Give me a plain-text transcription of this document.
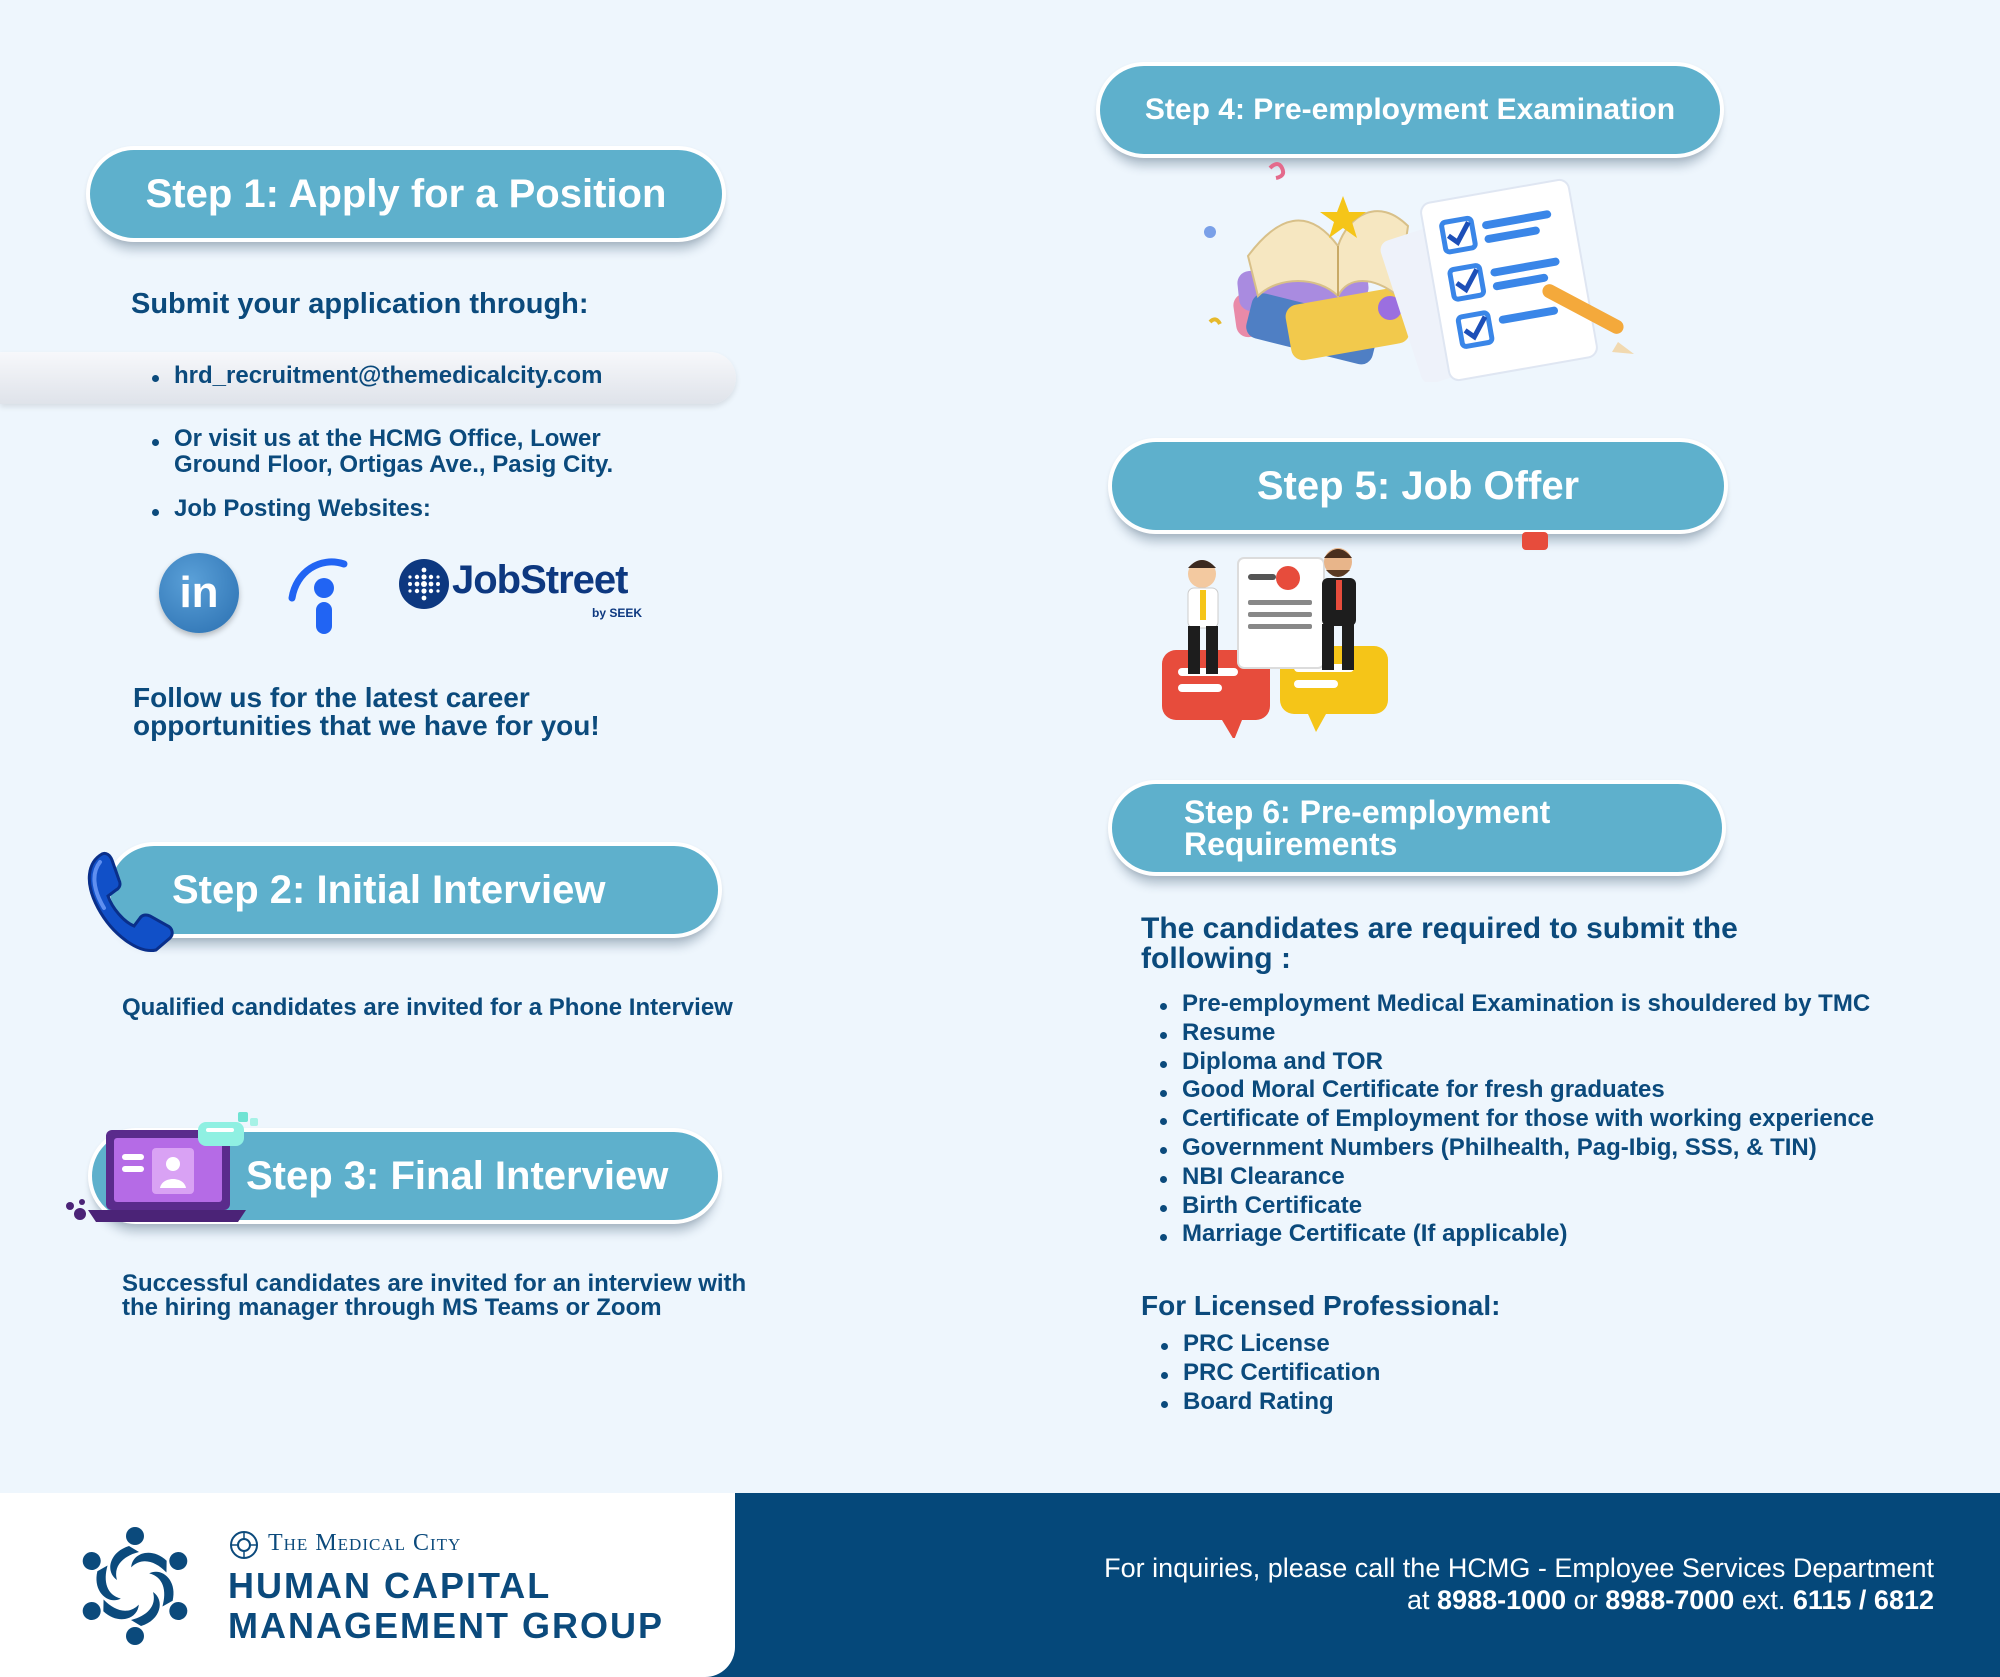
Step 1: Apply for a Position
Submit your application through:
hrd_recruitment@themedicalcity.com
Or visit us at the HCMG Office, Lower
Ground Floor, Ortigas Ave., Pasig City.
Job Posting Websites:
in	JobStreet
by SEEK
Follow us for the latest career
opportunities that we have for you!
Step 2: Initial Interview
Qualified candidates are invited for a Phone Interview
Step 3: Final Interview
Successful candidates are invited for an interview with
the hiring manager through MS Teams or Zoom
Step 4: Pre-employment Examination
Step 5: Job Offer
Step 6: Pre-employment
Requirements
The candidates are required to submit the
following :
Pre-employment Medical Examination is shouldered by TMC
Resume
Diploma and TOR
Good Moral Certificate for fresh graduates
Certificate of Employment for those with working experience
Government Numbers (Philhealth, Pag-Ibig, SSS, & TIN)
NBI Clearance
Birth Certificate
Marriage Certificate (If applicable)
For Licensed Professional:
PRC License
PRC Certification
Board Rating
The Medical City
HUMAN CAPITAL
MANAGEMENT GROUP
For inquiries, please call the HCMG - Employee Services Department
at 8988-1000 or 8988-7000 ext. 6115 / 6812
